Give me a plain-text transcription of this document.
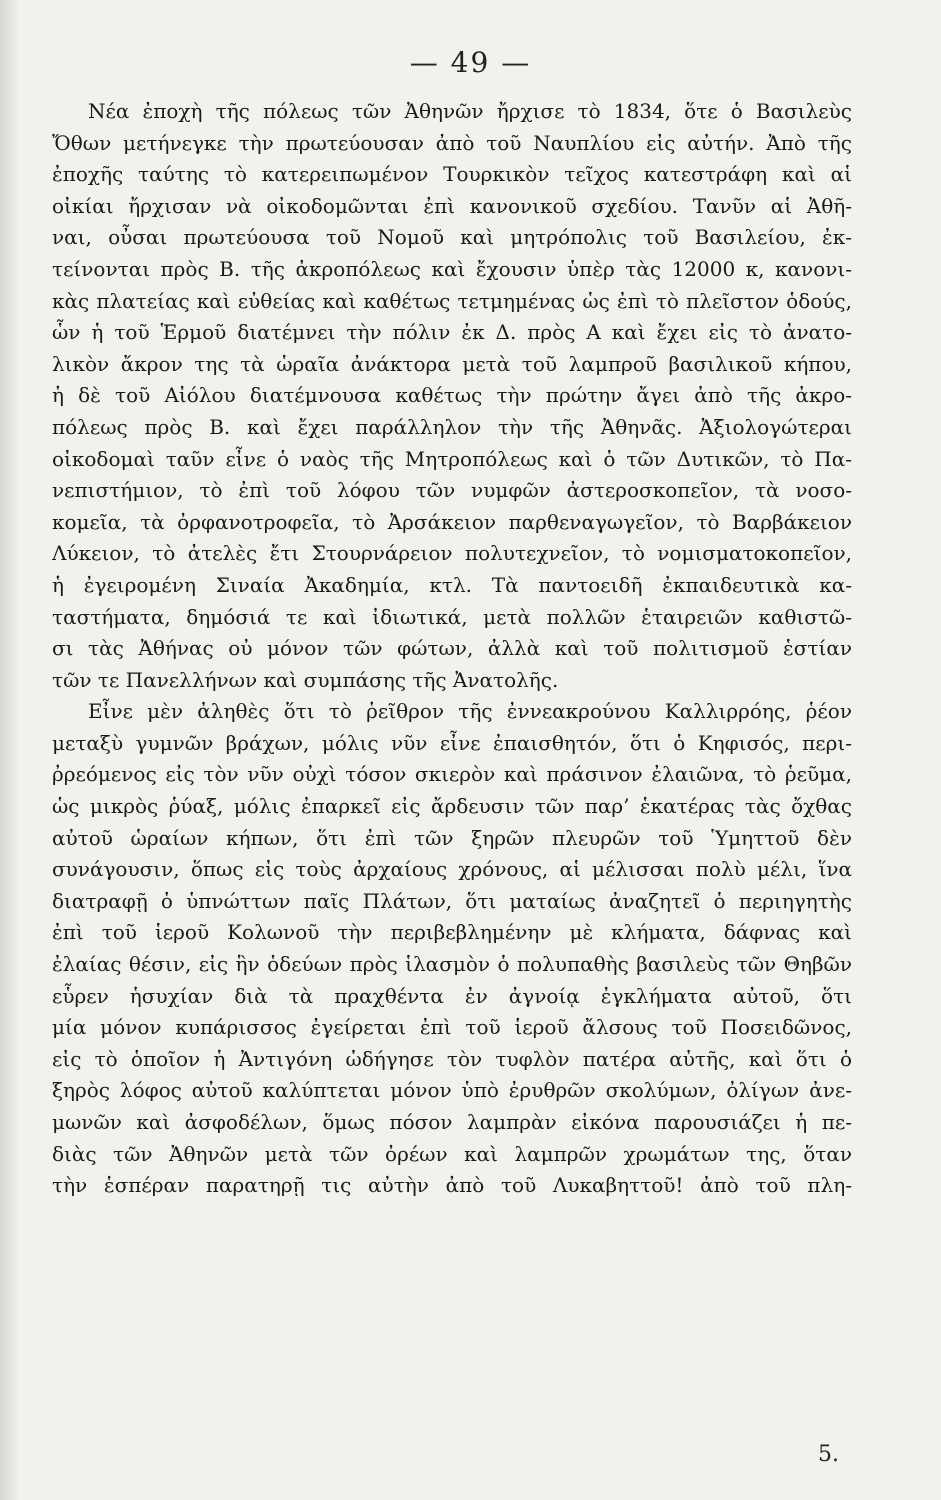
— 49 —
Νέα ἐποχὴ τῆς πόλεως τῶν Ἀθηνῶν ἤρχισε τὸ 1834, ὅτε ὁ Βασιλεὺς
Ὄθων μετήνεγκε τὴν πρωτεύουσαν ἀπὸ τοῦ Ναυπλίου εἰς αὐτήν. Ἀπὸ τῆς
ἐποχῆς ταύτης τὸ κατερειπωμένον Τουρκικὸν τεῖχος κατεστράφη καὶ αἱ
οἰκίαι ἤρχισαν νὰ οἰκοδομῶνται ἐπὶ κανονικοῦ σχεδίου. Τανῦν αἱ Ἀθῆ-
ναι, οὖσαι πρωτεύουσα τοῦ Νομοῦ καὶ μητρόπολις τοῦ Βασιλείου, ἐκ-
τείνονται πρὸς Β. τῆς ἀκροπόλεως καὶ ἔχουσιν ὑπὲρ τὰς 12000 κ, κανονι-
κὰς πλατείας καὶ εὐθείας καὶ καθέτως τετμημένας ὡς ἐπὶ τὸ πλεῖστον ὁδούς,
ὧν ἡ τοῦ Ἑρμοῦ διατέμνει τὴν πόλιν ἐκ Δ. πρὸς Α καὶ ἔχει εἰς τὸ ἀνατο-
λικὸν ἄκρον της τὰ ὡραῖα ἀνάκτορα μετὰ τοῦ λαμπροῦ βασιλικοῦ κήπου,
ἡ δὲ τοῦ Αἰόλου διατέμνουσα καθέτως τὴν πρώτην ἄγει ἀπὸ τῆς ἀκρο-
πόλεως πρὸς Β. καὶ ἔχει παράλληλον τὴν τῆς Ἀθηνᾶς. Ἀξιολογώτεραι
οἰκοδομαὶ ταῦν εἶνε ὁ ναὸς τῆς Μητροπόλεως καὶ ὁ τῶν Δυτικῶν, τὸ Πα-
νεπιστήμιον, τὸ ἐπὶ τοῦ λόφου τῶν νυμφῶν ἀστεροσκοπεῖον, τὰ νοσο-
κομεῖα, τὰ ὀρφανοτροφεῖα, τὸ Ἀρσάκειον παρθεναγωγεῖον, τὸ Βαρβάκειον
Λύκειον, τὸ ἀτελὲς ἔτι Στουρνάρειον πολυτεχνεῖον, τὸ νομισματοκοπεῖον,
ἡ ἐγειρομένη Σιναία Ἀκαδημία, κτλ. Τὰ παντοειδῆ ἐκπαιδευτικὰ κα-
ταστήματα, δημόσιά τε καὶ ἰδιωτικά, μετὰ πολλῶν ἑταιρειῶν καθιστῶ-
σι τὰς Ἀθήνας οὐ μόνον τῶν φώτων, ἀλλὰ καὶ τοῦ πολιτισμοῦ ἑστίαν
τῶν τε Πανελλήνων καὶ συμπάσης τῆς Ἀνατολῆς.
Εἶνε μὲν ἀληθὲς ὅτι τὸ ῥεῖθρον τῆς ἐννεακρούνου Καλλιρρόης, ῥέον
μεταξὺ γυμνῶν βράχων, μόλις νῦν εἶνε ἐπαισθητόν, ὅτι ὁ Κηφισός, περι-
ῤρεόμενος εἰς τὸν νῦν οὐχὶ τόσον σκιερὸν καὶ πράσινον ἐλαιῶνα, τὸ ῥεῦμα,
ὡς μικρὸς ῥύαξ, μόλις ἐπαρκεῖ εἰς ἄρδευσιν τῶν παρ’ ἑκατέρας τὰς ὄχθας
αὐτοῦ ὡραίων κήπων, ὅτι ἐπὶ τῶν ξηρῶν πλευρῶν τοῦ Ὑμηττοῦ δὲν
συνάγουσιν, ὅπως εἰς τοὺς ἀρχαίους χρόνους, αἱ μέλισσαι πολὺ μέλι, ἵνα
διατραφῇ ὁ ὑπνώττων παῖς Πλάτων, ὅτι ματαίως ἀναζητεῖ ὁ περιηγητὴς
ἐπὶ τοῦ ἱεροῦ Κολωνοῦ τὴν περιβεβλημένην μὲ κλήματα, δάφνας καὶ
ἐλαίας θέσιν, εἰς ἣν ὁδεύων πρὸς ἱλασμὸν ὁ πολυπαθὴς βασιλεὺς τῶν Θηβῶν
εὗρεν ἡσυχίαν διὰ τὰ πραχθέντα ἐν ἀγνοίᾳ ἐγκλήματα αὐτοῦ, ὅτι
μία μόνον κυπάρισσος ἐγείρεται ἐπὶ τοῦ ἱεροῦ ἄλσους τοῦ Ποσειδῶνος,
εἰς τὸ ὁποῖον ἡ Ἀντιγόνη ὡδήγησε τὸν τυφλὸν πατέρα αὐτῆς, καὶ ὅτι ὁ
ξηρὸς λόφος αὐτοῦ καλύπτεται μόνον ὑπὸ ἐρυθρῶν σκολύμων, ὀλίγων ἀνε-
μωνῶν καὶ ἀσφοδέλων, ὅμως πόσον λαμπρὰν εἰκόνα παρουσιάζει ἡ πε-
διὰς τῶν Ἀθηνῶν μετὰ τῶν ὀρέων καὶ λαμπρῶν χρωμάτων της, ὅταν
τὴν ἑσπέραν παρατηρῇ τις αὐτὴν ἀπὸ τοῦ Λυκαβηττοῦ! ἀπὸ τοῦ πλη-
5.
